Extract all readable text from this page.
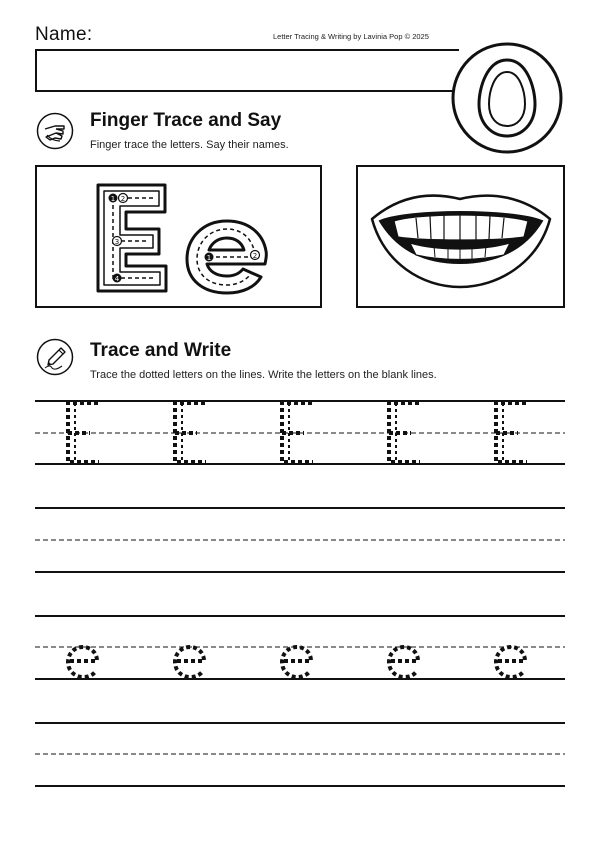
Name:	Letter Tracing & Writing by Lavinia Pop © 2025
Finger Trace and Say
Finger trace the letters. Say their names.
1 2
3
4
1	2
Trace and Write
Trace the dotted letters on the lines. Write the letters on the blank lines.
